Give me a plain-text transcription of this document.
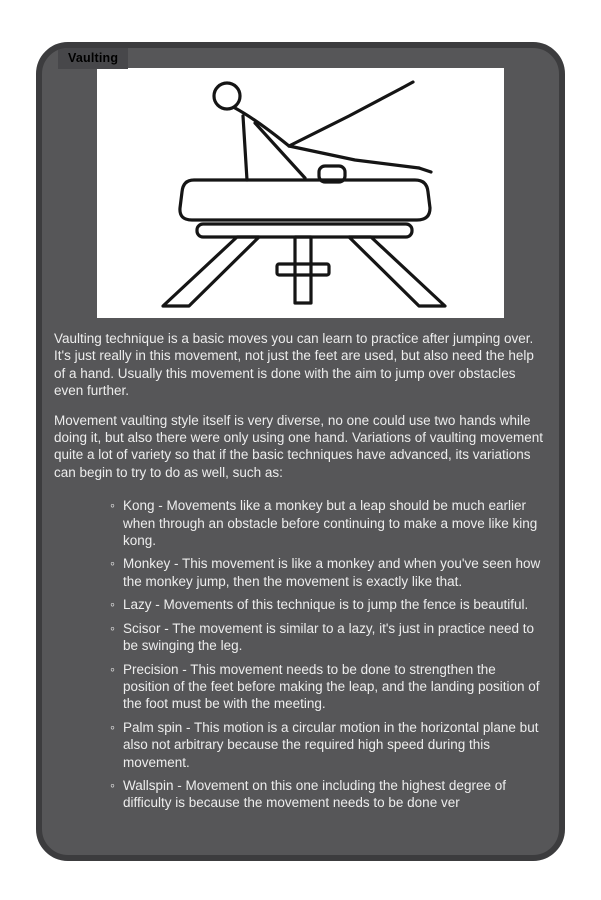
Vaulting

Vaulting technique is a basic moves you can learn to practice after jumping over. It's just really in this movement, not just the feet are used, but also need the help of a hand. Usually this movement is done with the aim to jump over obstacles even further.

Movement vaulting style itself is very diverse, no one could use two hands while doing it, but also there were only using one hand. Variations of vaulting movement quite a lot of variety so that if the basic techniques have advanced, its variations can begin to try to do as well, such as:

◦ Kong - Movements like a monkey but a leap should be much earlier when through an obstacle before continuing to make a move like king kong.
◦ Monkey - This movement is like a monkey and when you've seen how the monkey jump, then the movement is exactly like that.
◦ Lazy - Movements of this technique is to jump the fence is beautiful.
◦ Scisor - The movement is similar to a lazy, it's just in practice need to be swinging the leg.
◦ Precision - This movement needs to be done to strengthen the position of the feet before making the leap, and the landing position of the foot must be with the meeting.
◦ Palm spin - This motion is a circular motion in the horizontal plane but also not arbitrary because the required high speed during this movement.
◦ Wallspin - Movement on this one including the highest degree of difficulty is because the movement needs to be done ver
